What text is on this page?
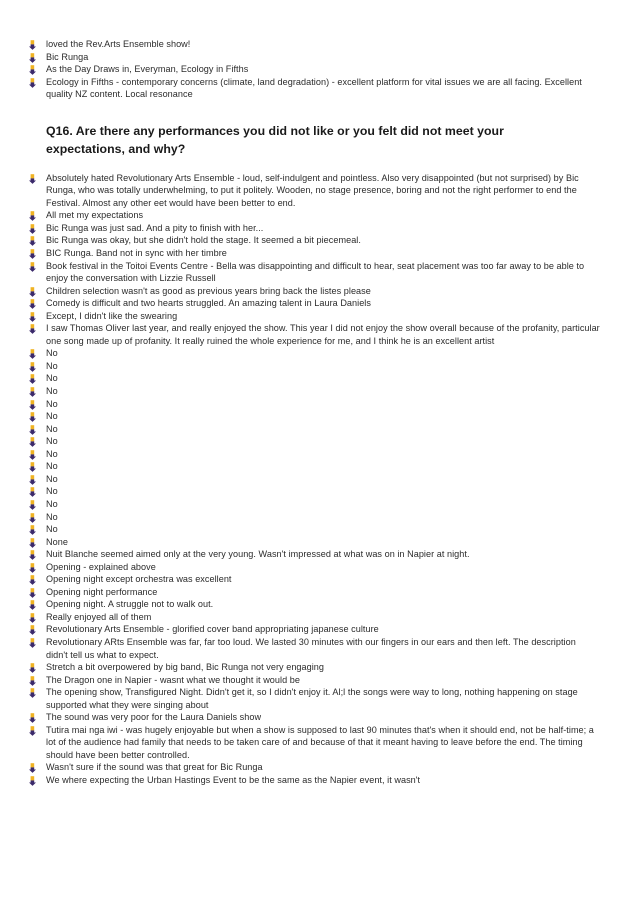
loved the Rev.Arts Ensemble show!
Bic Runga
As the Day Draws in, Everyman, Ecology in Fifths
Ecology in Fifths - contemporary concerns (climate, land degradation) - excellent platform for vital issues we are all facing. Excellent quality NZ content. Local resonance
Q16. Are there any performances you did not like or you felt did not meet your expectations, and why?
Absolutely hated Revolutionary Arts Ensemble - loud, self-indulgent and pointless. Also very disappointed (but not surprised) by Bic Runga, who was totally underwhelming, to put it politely. Wooden, no stage presence, boring and not the right performer to end the Festival. Almost any other eet would have been better to end.
All met my expectations
Bic Runga was just sad. And a pity to finish with her...
Bic Runga was okay, but she didn't hold the stage. It seemed a bit piecemeal.
BIC Runga. Band not in sync with her timbre
Book festival in the Toitoi Events Centre - Bella was disappointing and difficult to hear, seat placement was too far away to be able to enjoy the conversation with Lizzie Russell
Children selection wasn't as good as previous years bring back the listes please
Comedy is difficult and two hearts struggled. An amazing talent in Laura Daniels
Except, I didn't like the swearing
I saw Thomas Oliver last year, and really enjoyed the show. This year I did not enjoy the show overall because of the profanity, particular one song made up of profanity. It really ruined the whole experience for me, and I think he is an excellent artist
No
No
No
No
No
No
No
No
No
No
No
No
No
No
No
None
Nuit Blanche seemed aimed only at the very young. Wasn't impressed at what was on in Napier at night.
Opening - explained above
Opening night except orchestra was excellent
Opening night performance
Opening night. A struggle not to walk out.
Really enjoyed all of them
Revolutionary Arts Ensemble - glorified cover band appropriating japanese culture
Revolutionary ARts Ensemble was far, far too loud. We lasted 30 minutes with our fingers in our ears and then left. The description didn't tell us what to expect.
Stretch a bit overpowered by big band, Bic Runga not very engaging
The Dragon one in Napier - wasnt what we thought it would be
The opening show, Transfigured Night. Didn't get it, so I didn't enjoy it. Al;l the songs were way to long, nothing happening on stage supported what they were singing about
The sound was very poor for the Laura Daniels show
Tutira mai nga iwi - was hugely enjoyable but when a show is supposed to last 90 minutes that's when it should end, not be half-time; a lot of the audience had family that needs to be taken care of and because of that it meant having to leave before the end. The timing should have been better controlled.
Wasn't sure if the sound was that great for Bic Runga
We where expecting the Urban Hastings Event to be the same as the Napier event, it wasn't
